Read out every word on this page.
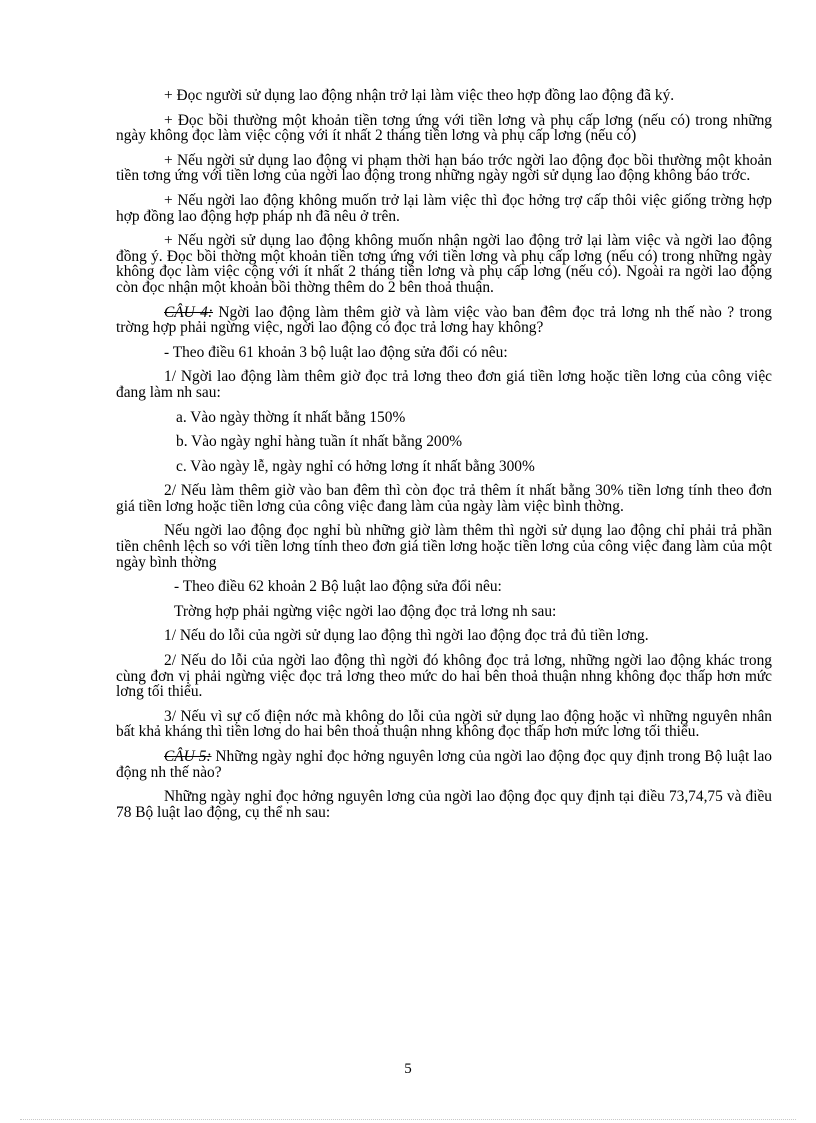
+ Đọc người sử dụng lao động nhận trở lại làm việc theo hợp đồng lao động đã ký.

+ Đọc bồi thường một khoản tiền tơng ứng với tiền lơng và phụ cấp lơng (nếu có) trong những ngày không đọc làm việc cộng với ít nhất 2 tháng tiền lơng và phụ cấp lơng (nếu có)

+ Nếu ngời sử dụng lao động vi phạm thời hạn báo trớc ngời lao động đọc bồi thường một khoản tiền tơng ứng với tiền lơng của ngời lao động trong những ngày ngời sử dụng lao động không báo trớc.

+ Nếu ngời lao động không muốn trở lại làm việc thì đọc hởng trợ cấp thôi việc giống trờng hợp hợp đồng lao động hợp pháp nh đã nêu ở trên.

+ Nếu ngời sử dụng lao động không muốn nhận ngời lao động trở lại làm việc và ngời lao động đồng ý. Đọc bồi thờng một khoản tiền tơng ứng với tiền lơng và phụ cấp lơng (nếu có) trong những ngày không đọc làm việc cộng với ít nhất 2 tháng tiền lơng và phụ cấp lơng (nếu có). Ngoài ra ngời lao động còn đọc nhận một khoản bồi thờng thêm do 2 bên thoả thuận.

CÂU 4: Ngời lao động làm thêm giờ và làm việc vào ban đêm đọc trả lơng nh thế nào ? trong trờng hợp phải ngừng việc, ngời lao động có đọc trả lơng hay không?

- Theo điều 61 khoản 3 bộ luật lao động sửa đổi có nêu:

1/ Ngời lao động làm thêm giờ đọc trả lơng theo đơn giá tiền lơng hoặc tiền lơng của công việc đang làm nh sau:

a. Vào ngày thờng ít nhất bằng 150%

b. Vào ngày nghỉ hàng tuần ít nhất bằng 200%

c. Vào ngày lễ, ngày nghỉ có hởng lơng ít nhất bằng 300%

2/ Nếu làm thêm giờ vào ban đêm thì còn đọc trả thêm ít nhất bằng 30% tiền lơng tính theo đơn giá tiền lơng hoặc tiền lơng của công việc đang làm của ngày làm việc bình thờng.

Nếu ngời lao động đọc nghỉ bù những giờ làm thêm thì ngời sử dụng lao động chỉ phải trả phần tiền chênh lệch so với tiền lơng tính theo đơn giá tiền lơng hoặc tiền lơng của công việc đang làm của một ngày bình thờng

- Theo điều 62 khoản 2 Bộ luật lao động sửa đổi nêu:

Trờng hợp phải ngừng việc ngời lao động đọc trả lơng nh sau:

1/ Nếu do lỗi của ngời sử dụng lao động thì ngời lao động đọc trả đủ tiền lơng.

2/ Nếu do lỗi của ngời lao động thì ngời đó không đọc trả lơng, những ngời lao động khác trong cùng đơn vị phải ngừng việc đọc trả lơng theo mức do hai bên thoả thuận nhng không đọc thấp hơn mức lơng tối thiểu.

3/ Nếu vì sự cố điện nớc mà không do lỗi của ngời sử dụng lao động hoặc vì những nguyên nhân bất khả kháng thì tiền lơng do hai bên thoả thuận nhng không đọc thấp hơn mức lơng tối thiểu.

CÂU 5: Những ngày nghỉ đọc hởng nguyên lơng của ngời lao động đọc quy định trong Bộ luật lao động nh thế nào?

Những ngày nghỉ đọc hởng nguyên lơng của ngời lao động đọc quy định tại điều 73,74,75 và điều 78 Bộ luật lao động, cụ thể nh sau:

5
